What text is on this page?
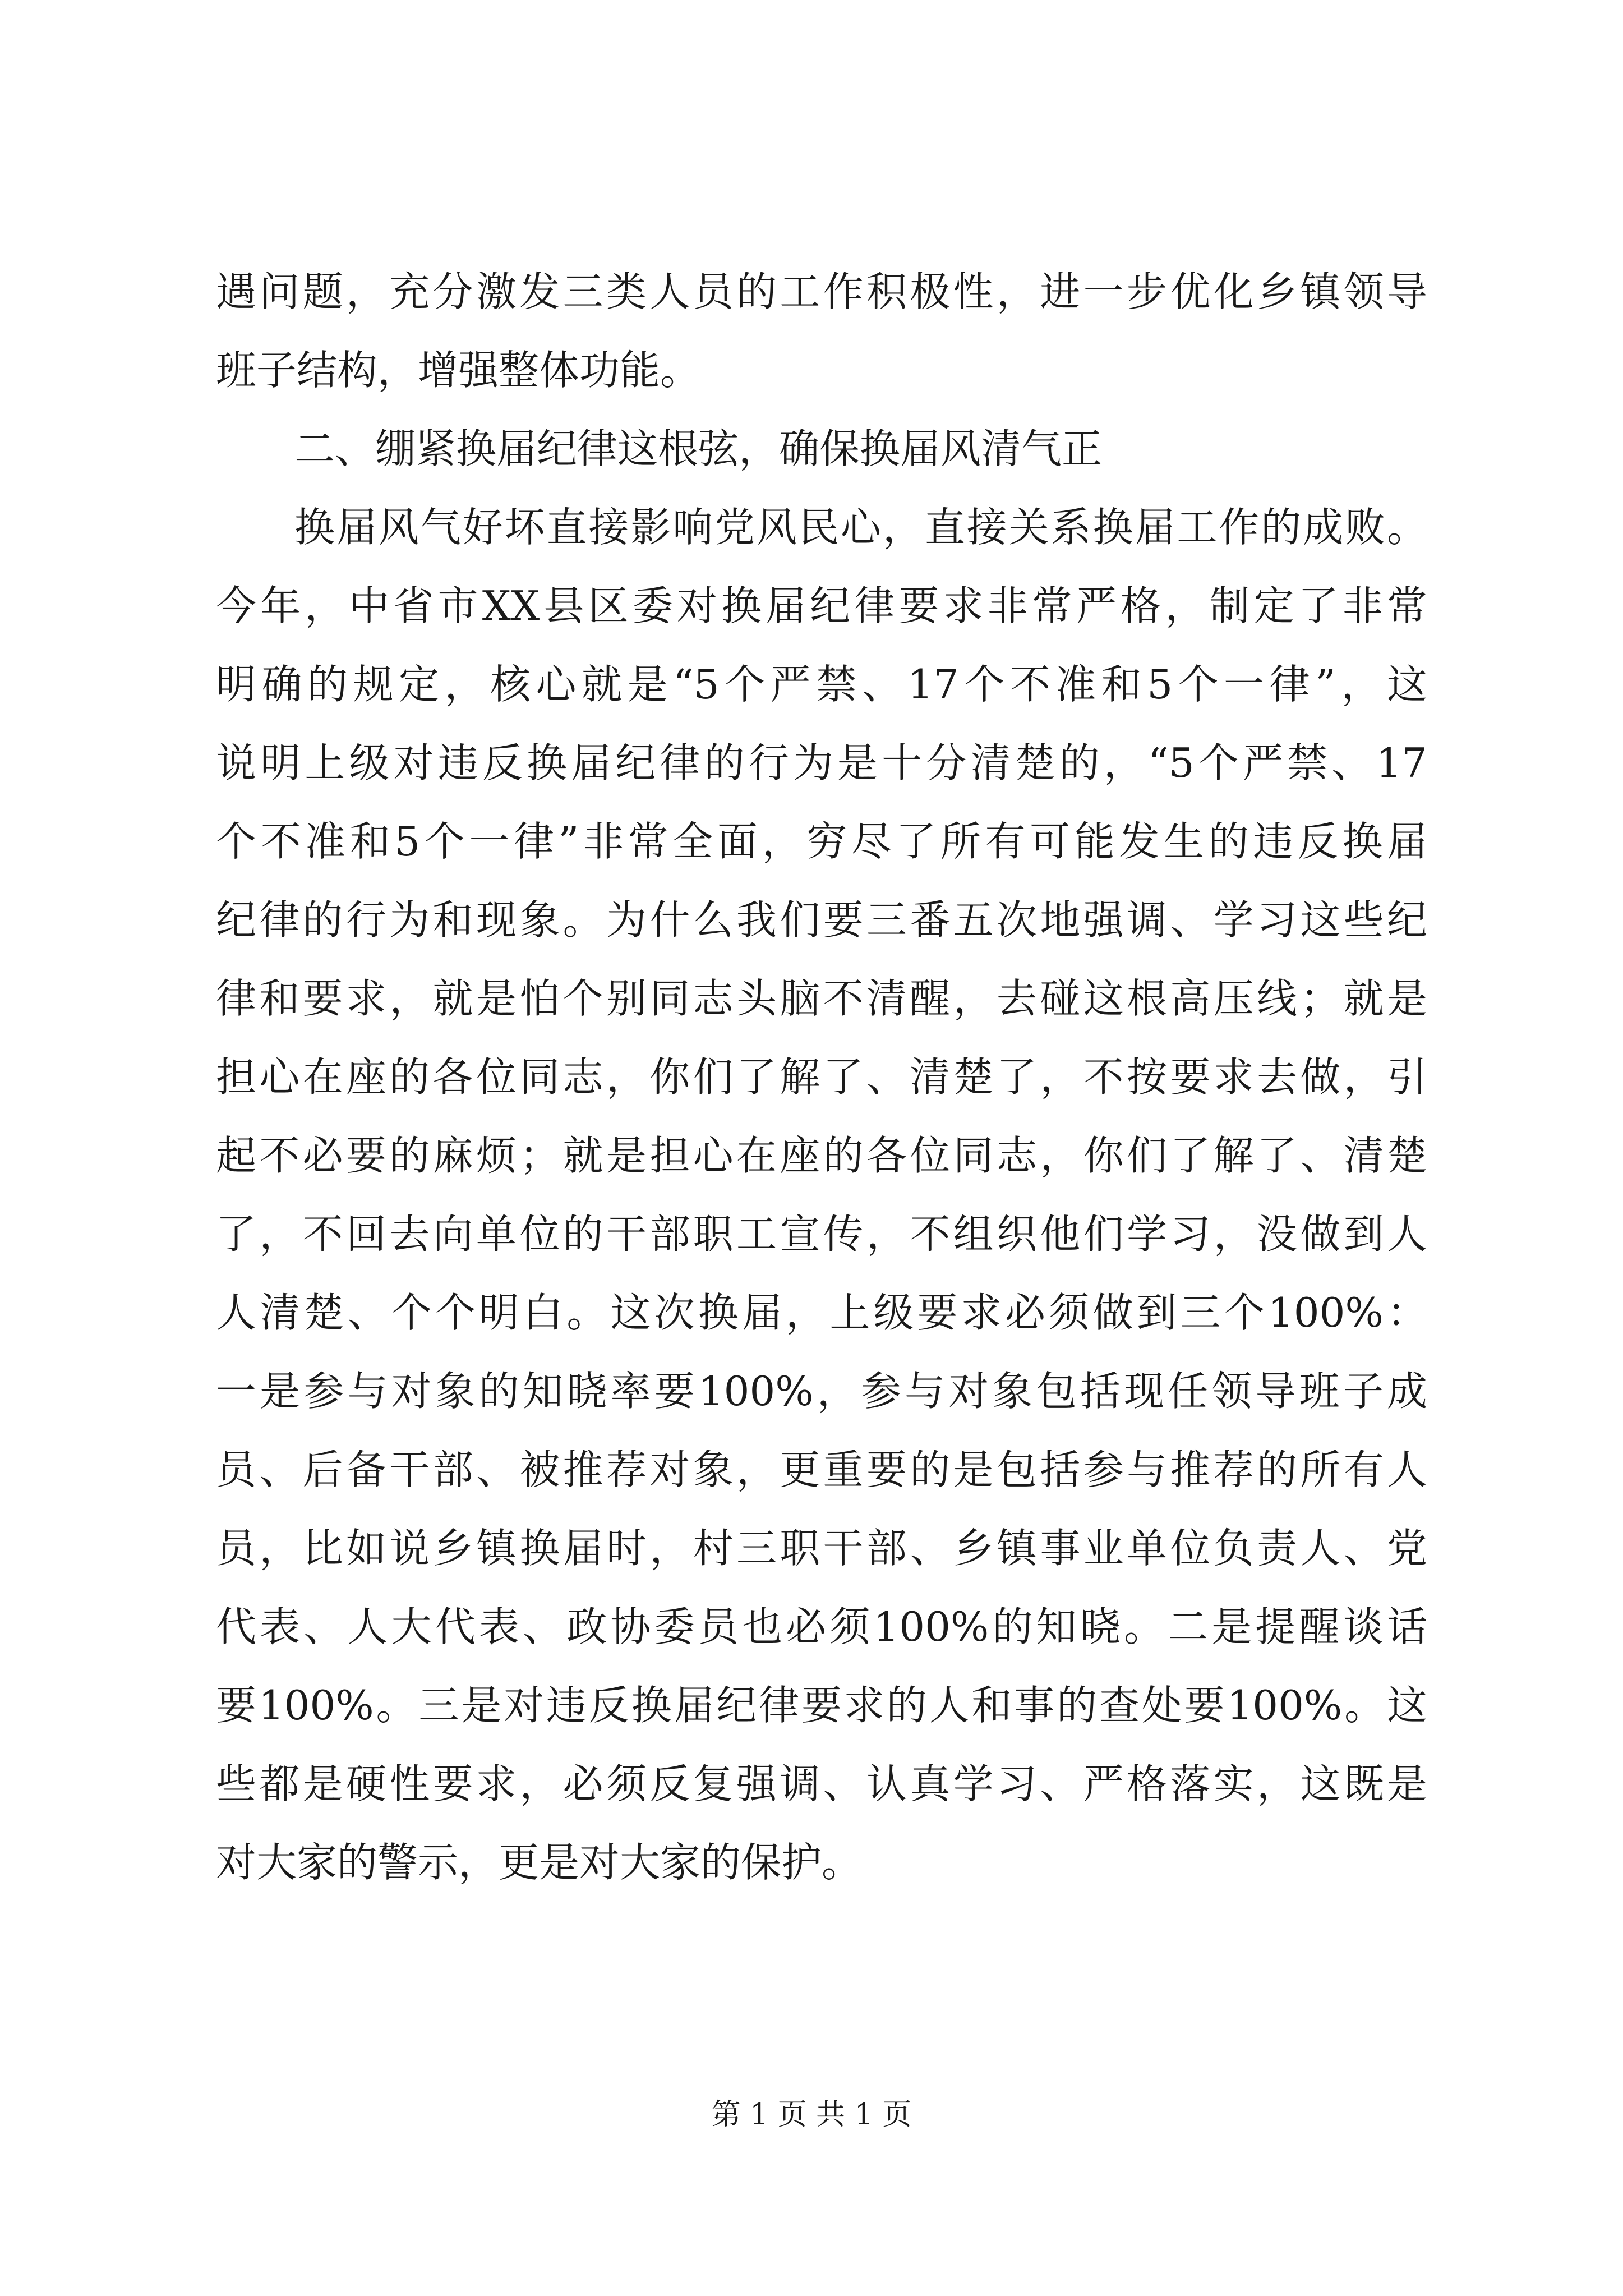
遇问题，充分激发三类人员的工作积极性，进一步优化乡镇领导
班子结构，增强整体功能。
二、绷紧换届纪律这根弦，确保换届风清气正
换届风气好坏直接影响党风民心，直接关系换届工作的成败。
今年，中省市XX县区委对换届纪律要求非常严格，制定了非常
明确的规定，核心就是“5个严禁、17个不准和5个一律”，这
说明上级对违反换届纪律的行为是十分清楚的，“5个严禁、17
个不准和5个一律”非常全面，穷尽了所有可能发生的违反换届
纪律的行为和现象。为什么我们要三番五次地强调、学习这些纪
律和要求，就是怕个别同志头脑不清醒，去碰这根高压线；就是
担心在座的各位同志，你们了解了、清楚了，不按要求去做，引
起不必要的麻烦；就是担心在座的各位同志，你们了解了、清楚
了，不回去向单位的干部职工宣传，不组织他们学习，没做到人
人清楚、个个明白。这次换届，上级要求必须做到三个100%：
一是参与对象的知晓率要100%，参与对象包括现任领导班子成
员、后备干部、被推荐对象，更重要的是包括参与推荐的所有人
员，比如说乡镇换届时，村三职干部、乡镇事业单位负责人、党
代表、人大代表、政协委员也必须100%的知晓。二是提醒谈话
要100%。三是对违反换届纪律要求的人和事的查处要100%。这
些都是硬性要求，必须反复强调、认真学习、严格落实，这既是
对大家的警示，更是对大家的保护。
第 1 页 共 1 页
